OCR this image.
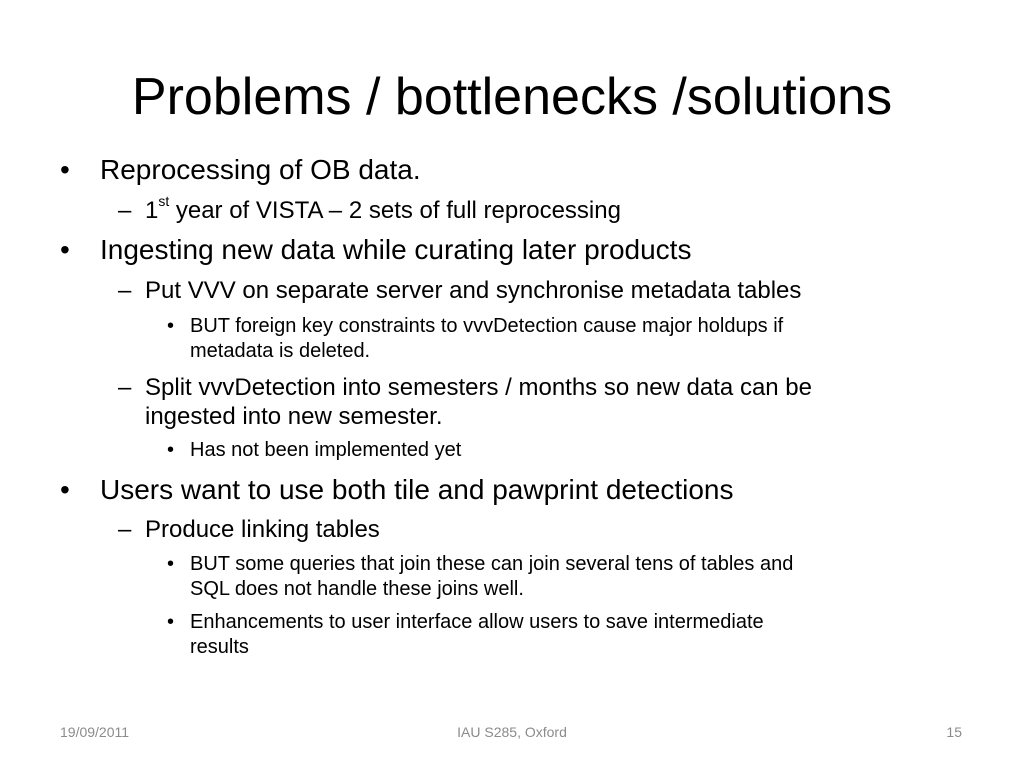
Problems / bottlenecks /solutions
• Reprocessing of OB data.
– 1st year of VISTA – 2 sets of full reprocessing
• Ingesting new data while curating later products
– Put VVV on separate server and synchronise metadata tables
• BUT foreign key constraints to vvvDetection cause major holdups if
metadata is deleted.
– Split vvvDetection into semesters / months so new data can be
ingested into new semester.
• Has not been implemented yet
• Users want to use both tile and pawprint detections
– Produce linking tables
• BUT some queries that join these can join several tens of tables and
SQL does not handle these joins well.
• Enhancements to user interface allow users to save intermediate
results
19/09/2011	IAU S285, Oxford	15
